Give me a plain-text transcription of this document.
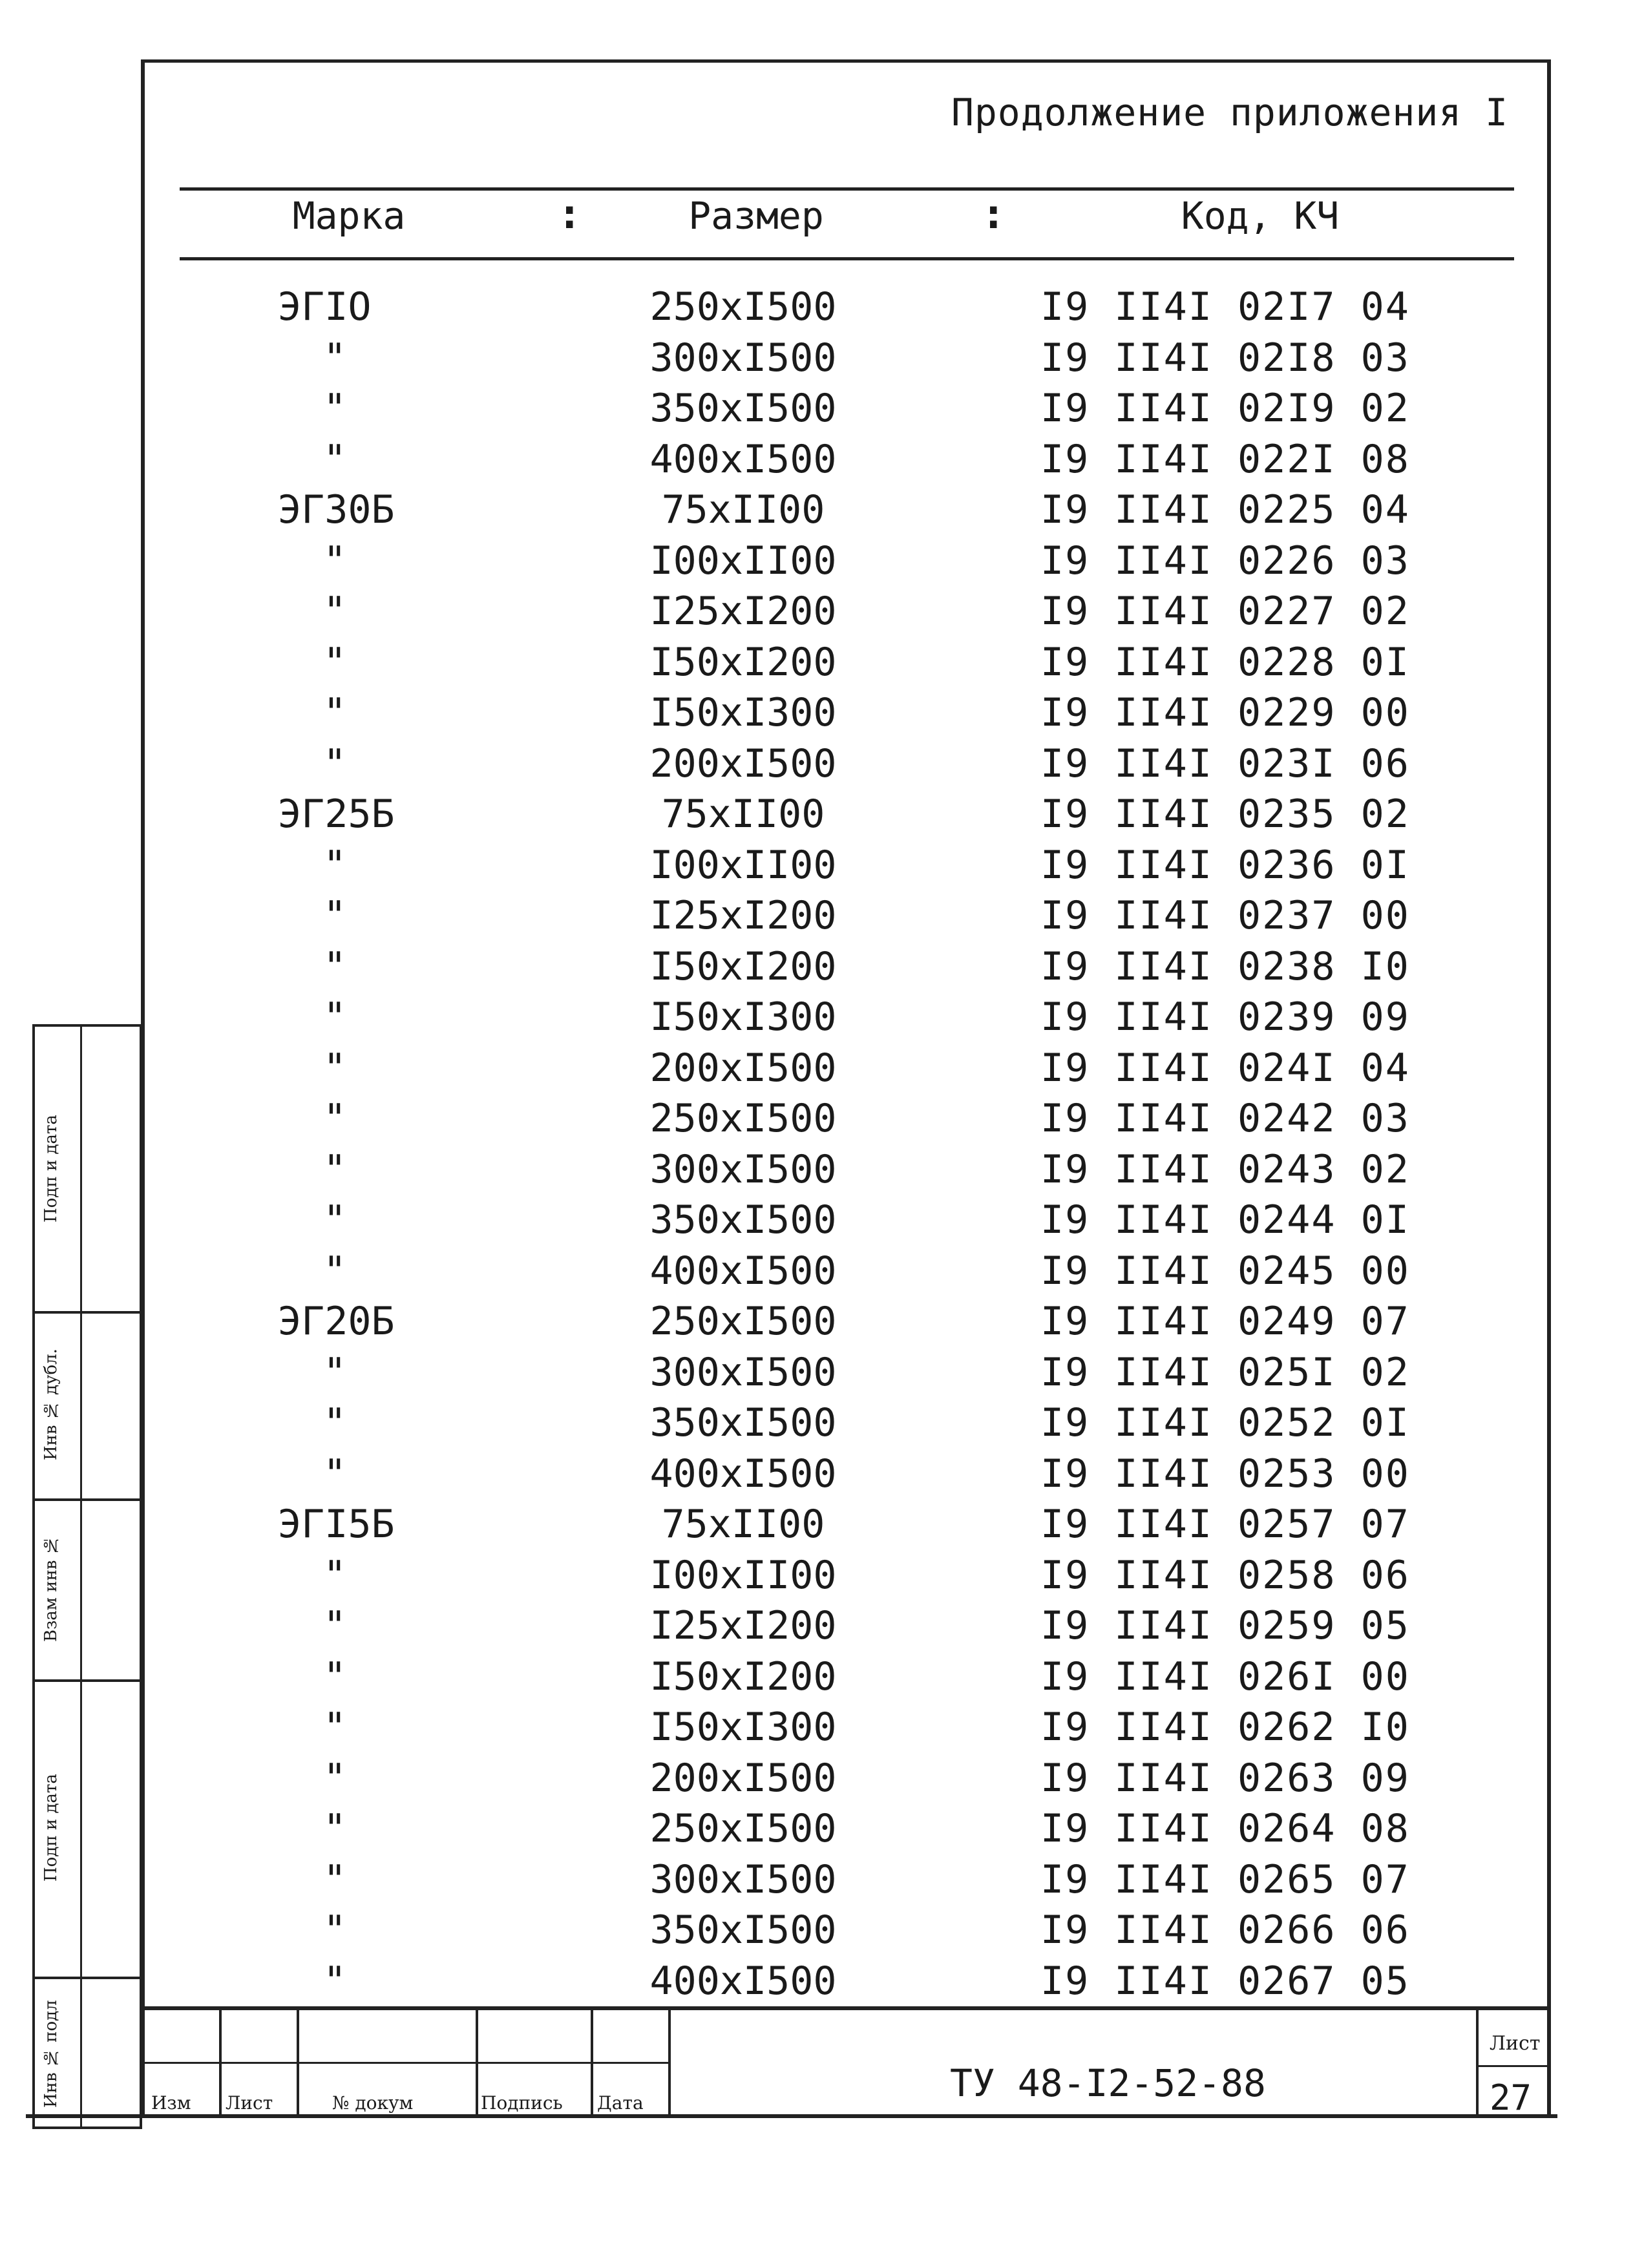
Продолжение приложения I
Марка	:	Размер	:	Код, КЧ
ЭГIO	250хI500	I9 II4I 02I7 04
"	300хI500	I9 II4I 02I8 03
"	350хI500	I9 II4I 02I9 02
"	400хI500	I9 II4I 022I 08
ЭГ30Б	75хII00	I9 II4I 0225 04
"	I00хII00	I9 II4I 0226 03
"	I25хI200	I9 II4I 0227 02
"	I50хI200	I9 II4I 0228 0I
"	I50хI300	I9 II4I 0229 00
"	200хI500	I9 II4I 023I 06
ЭГ25Б	75хII00	I9 II4I 0235 02
"	I00хII00	I9 II4I 0236 0I
"	I25хI200	I9 II4I 0237 00
"	I50хI200	I9 II4I 0238 I0
"	I50хI300	I9 II4I 0239 09
"	200хI500	I9 II4I 024I 04
"	250хI500	I9 II4I 0242 03
"	300хI500	I9 II4I 0243 02
"	350хI500	I9 II4I 0244 0I
"	400хI500	I9 II4I 0245 00
ЭГ20Б	250хI500	I9 II4I 0249 07
"	300хI500	I9 II4I 025I 02
"	350хI500	I9 II4I 0252 0I
"	400хI500	I9 II4I 0253 00
ЭГI5Б	75хII00	I9 II4I 0257 07
"	I00хII00	I9 II4I 0258 06
"	I25хI200	I9 II4I 0259 05
"	I50хI200	I9 II4I 026I 00
"	I50хI300	I9 II4I 0262 I0
"	200хI500	I9 II4I 0263 09
"	250хI500	I9 II4I 0264 08
"	300хI500	I9 II4I 0265 07
"	350хI500	I9 II4I 0266 06
"	400хI500	I9 II4I 0267 05
Подп и дата
Инв № дубл.
Взам инв №
Подп и дата
Инв № подл	Изм Лист	№ докум	Подпись Дата	ТУ 48-I2-52-88
Лист
27
